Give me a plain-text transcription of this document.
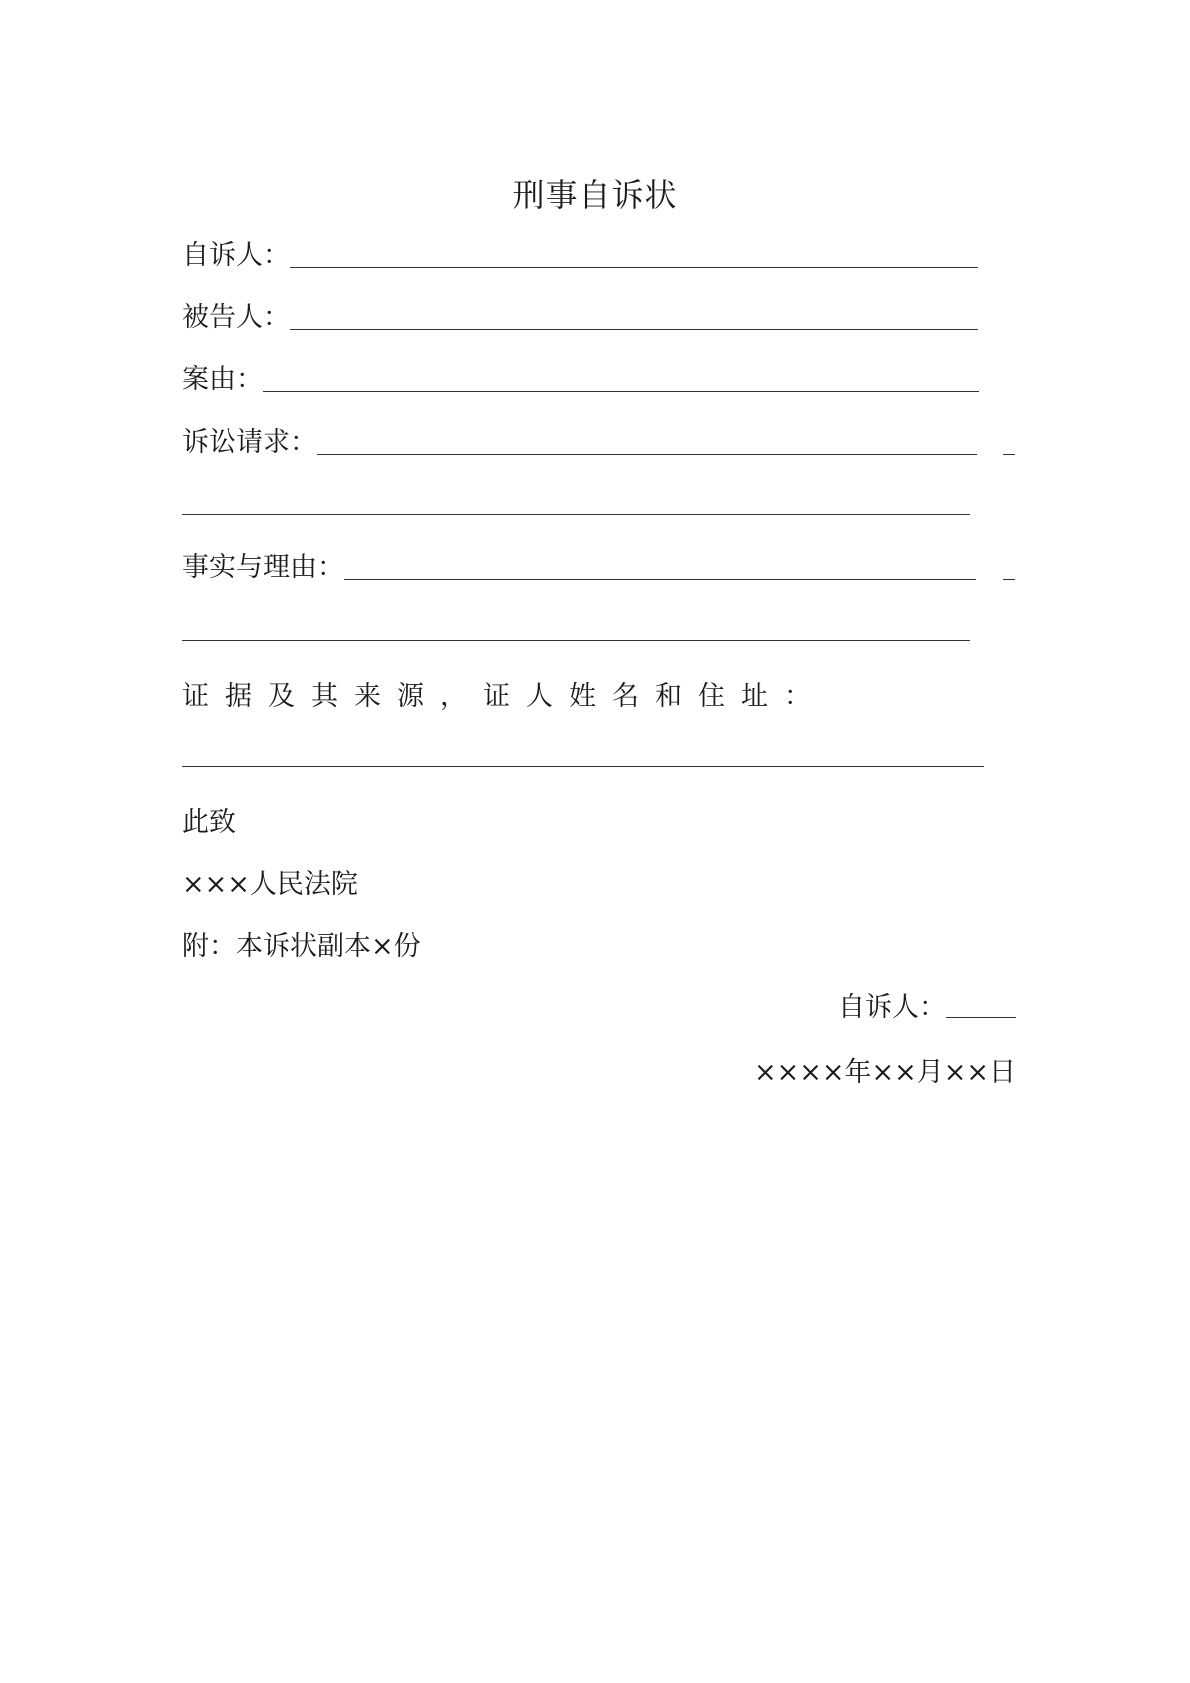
刑事自诉状
自诉人：
被告人：
案由：
诉讼请求：
事实与理由：
证据及其来源，证人姓名和住址：
此致
×××人民法院
附：本诉状副本×份
自诉人：
××××年××月××日
